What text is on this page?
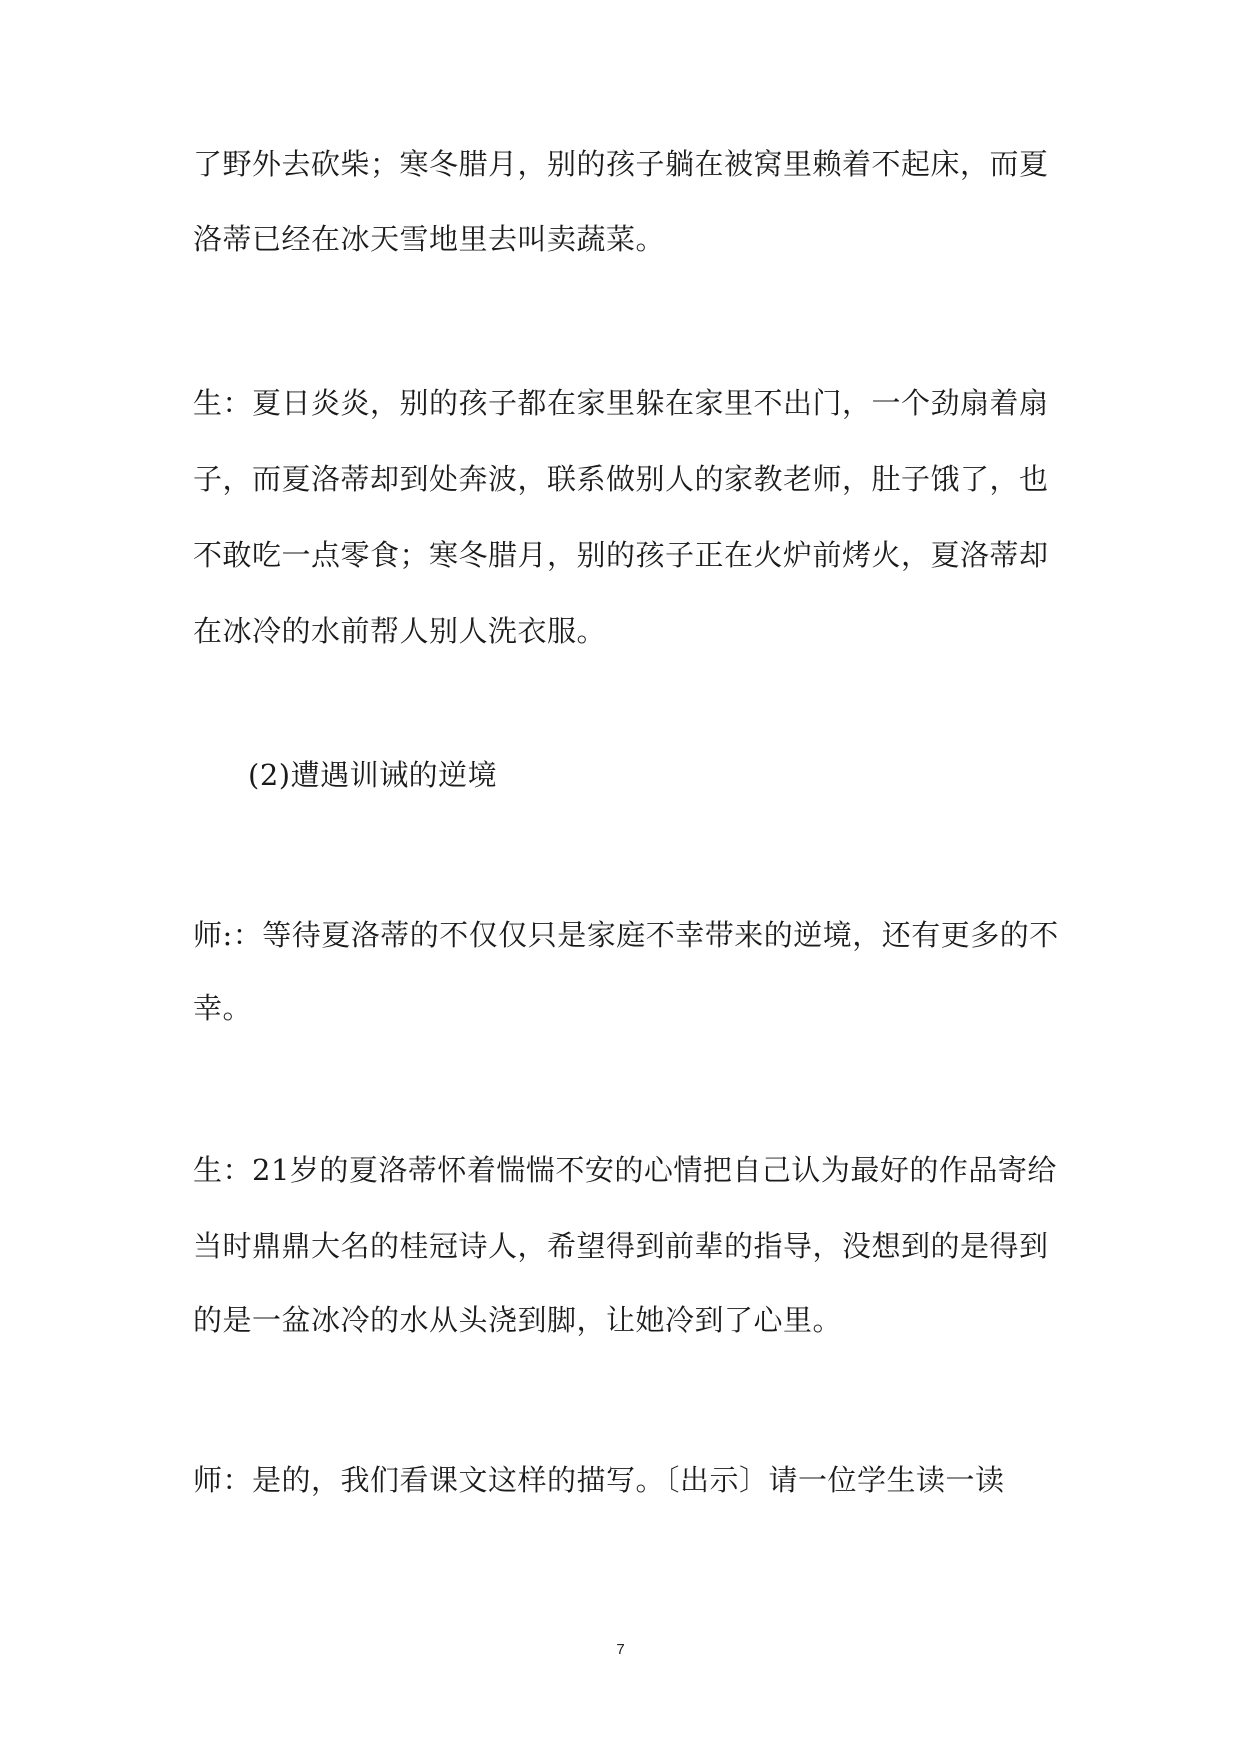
了野外去砍柴；寒冬腊月，别的孩子躺在被窝里赖着不起床，而夏
洛蒂已经在冰天雪地里去叫卖蔬菜。
生：夏日炎炎，别的孩子都在家里躲在家里不出门，一个劲扇着扇
子，而夏洛蒂却到处奔波，联系做别人的家教老师，肚子饿了，也
不敢吃一点零食；寒冬腊月，别的孩子正在火炉前烤火，夏洛蒂却
在冰冷的水前帮人别人洗衣服。
(2)遭遇训诫的逆境
师:：等待夏洛蒂的不仅仅只是家庭不幸带来的逆境，还有更多的不
幸。
生：21岁的夏洛蒂怀着惴惴不安的心情把自己认为最好的作品寄给
当时鼎鼎大名的桂冠诗人，希望得到前辈的指导，没想到的是得到
的是一盆冰冷的水从头浇到脚，让她冷到了心里。
师：是的，我们看课文这样的描写。〔出示〕请一位学生读一读
7
